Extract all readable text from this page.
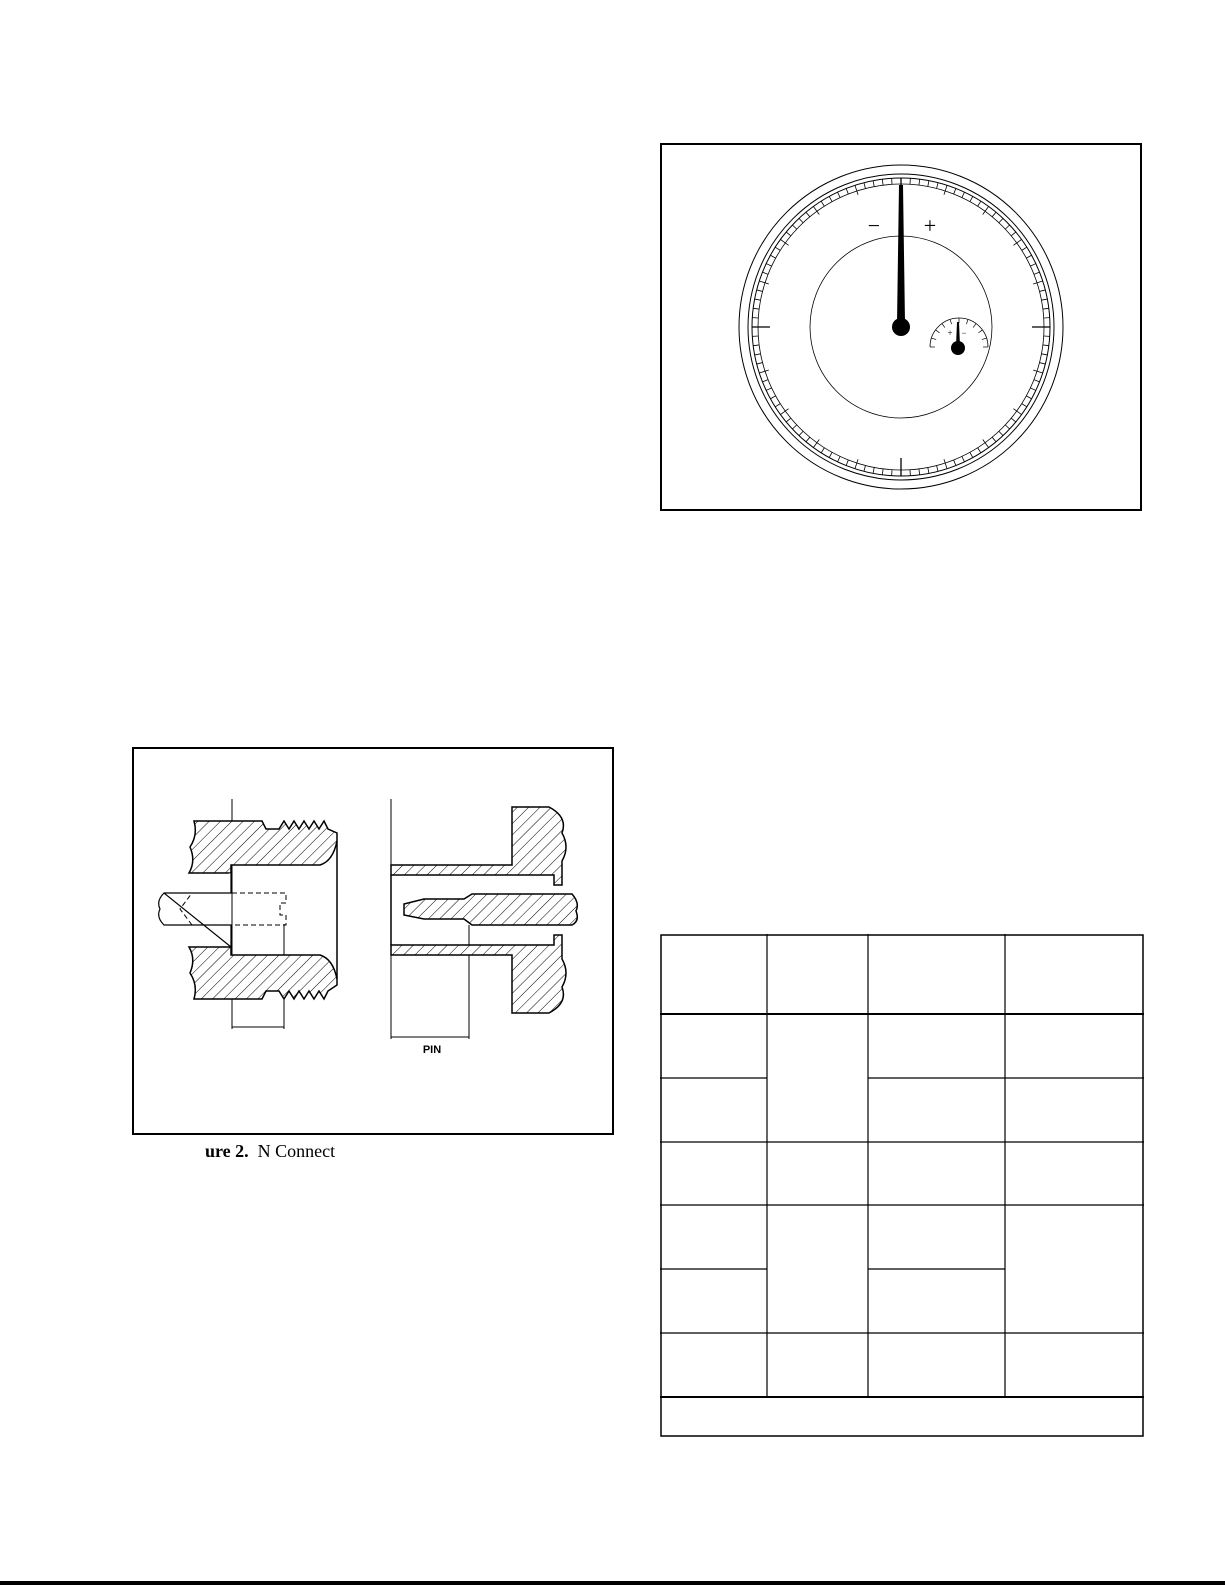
− +
+ −
PIN
ure 2. N Connect
